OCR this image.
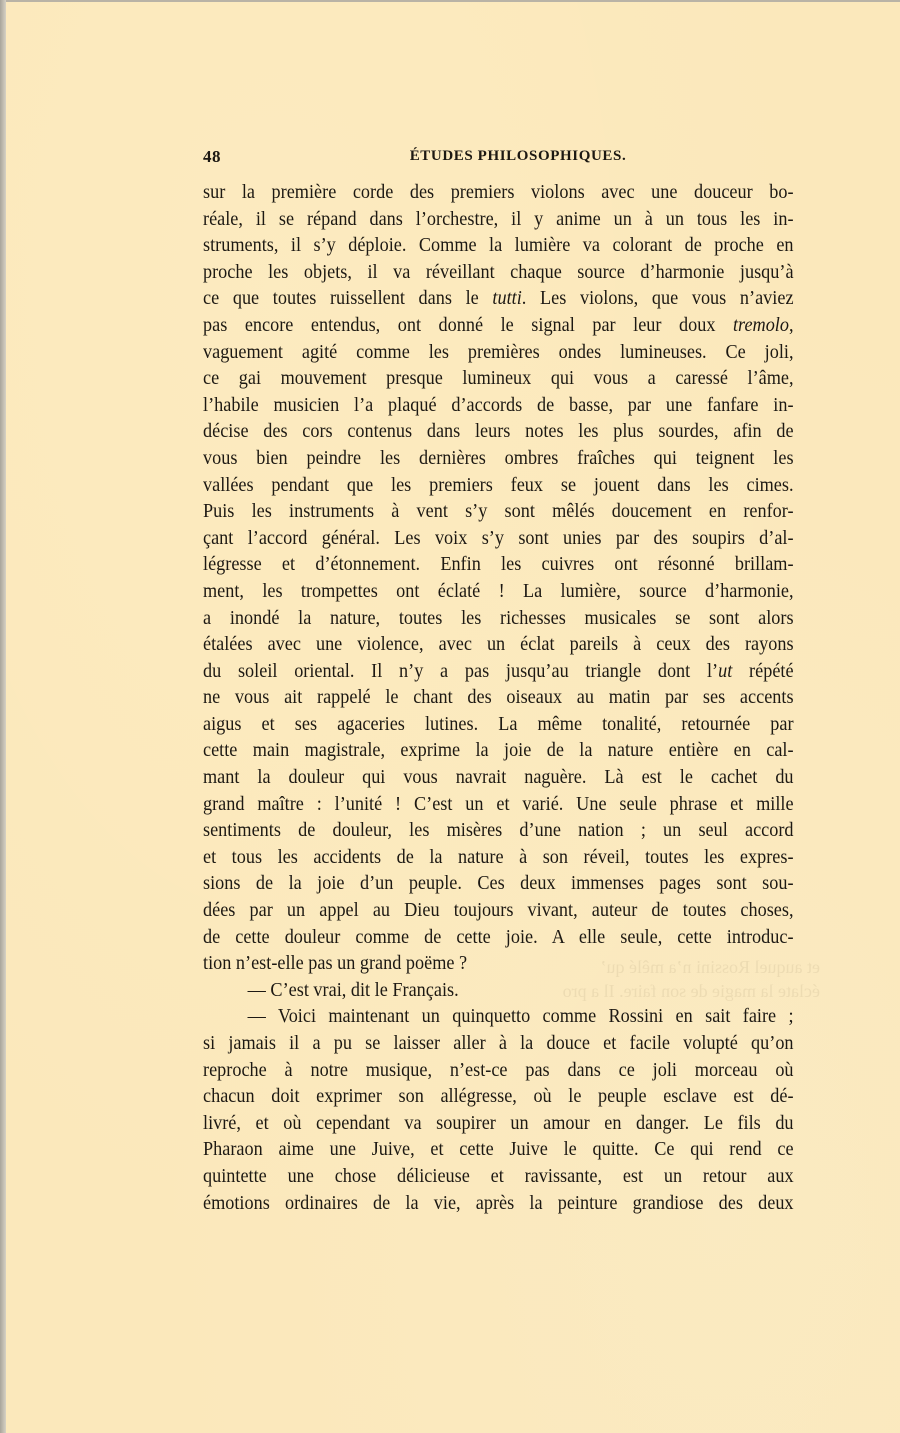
48	ÉTUDES PHILOSOPHIQUES.
sur la première corde des premiers violons avec une douceur bo-
réale, il se répand dans l’orchestre, il y anime un à un tous les in-
struments, il s’y déploie. Comme la lumière va colorant de proche en
proche les objets, il va réveillant chaque source d’harmonie jusqu’à
ce que toutes ruissellent dans le tutti. Les violons, que vous n’aviez
pas encore entendus, ont donné le signal par leur doux tremolo,
vaguement agité comme les premières ondes lumineuses. Ce joli,
ce gai mouvement presque lumineux qui vous a caressé l’âme,
l’habile musicien l’a plaqué d’accords de basse, par une fanfare in-
décise des cors contenus dans leurs notes les plus sourdes, afin de
vous bien peindre les dernières ombres fraîches qui teignent les
vallées pendant que les premiers feux se jouent dans les cimes.
Puis les instruments à vent s’y sont mêlés doucement en renfor-
çant l’accord général. Les voix s’y sont unies par des soupirs d’al-
légresse et d’étonnement. Enfin les cuivres ont résonné brillam-
ment, les trompettes ont éclaté ! La lumière, source d’harmonie,
a inondé la nature, toutes les richesses musicales se sont alors
étalées avec une violence, avec un éclat pareils à ceux des rayons
du soleil oriental. Il n’y a pas jusqu’au triangle dont l’ut répété
ne vous ait rappelé le chant des oiseaux au matin par ses accents
aigus et ses agaceries lutines. La même tonalité, retournée par
cette main magistrale, exprime la joie de la nature entière en cal-
mant la douleur qui vous navrait naguère. Là est le cachet du
grand maître : l’unité ! C’est un et varié. Une seule phrase et mille
sentiments de douleur, les misères d’une nation ; un seul accord
et tous les accidents de la nature à son réveil, toutes les expres-
sions de la joie d’un peuple. Ces deux immenses pages sont sou-
dées par un appel au Dieu toujours vivant, auteur de toutes choses,
de cette douleur comme de cette joie. A elle seule, cette introduc-
tion n’est-elle pas un grand poëme ?
— C’est vrai, dit le Français.
— Voici maintenant un quinquetto comme Rossini en sait faire ;
si jamais il a pu se laisser aller à la douce et facile volupté qu’on
reproche à notre musique, n’est-ce pas dans ce joli morceau où
chacun doit exprimer son allégresse, où le peuple esclave est dé-
livré, et où cependant va soupirer un amour en danger. Le fils du
Pharaon aime une Juive, et cette Juive le quitte. Ce qui rend ce
quintette une chose délicieuse et ravissante, est un retour aux
émotions ordinaires de la vie, après la peinture grandiose des deux
